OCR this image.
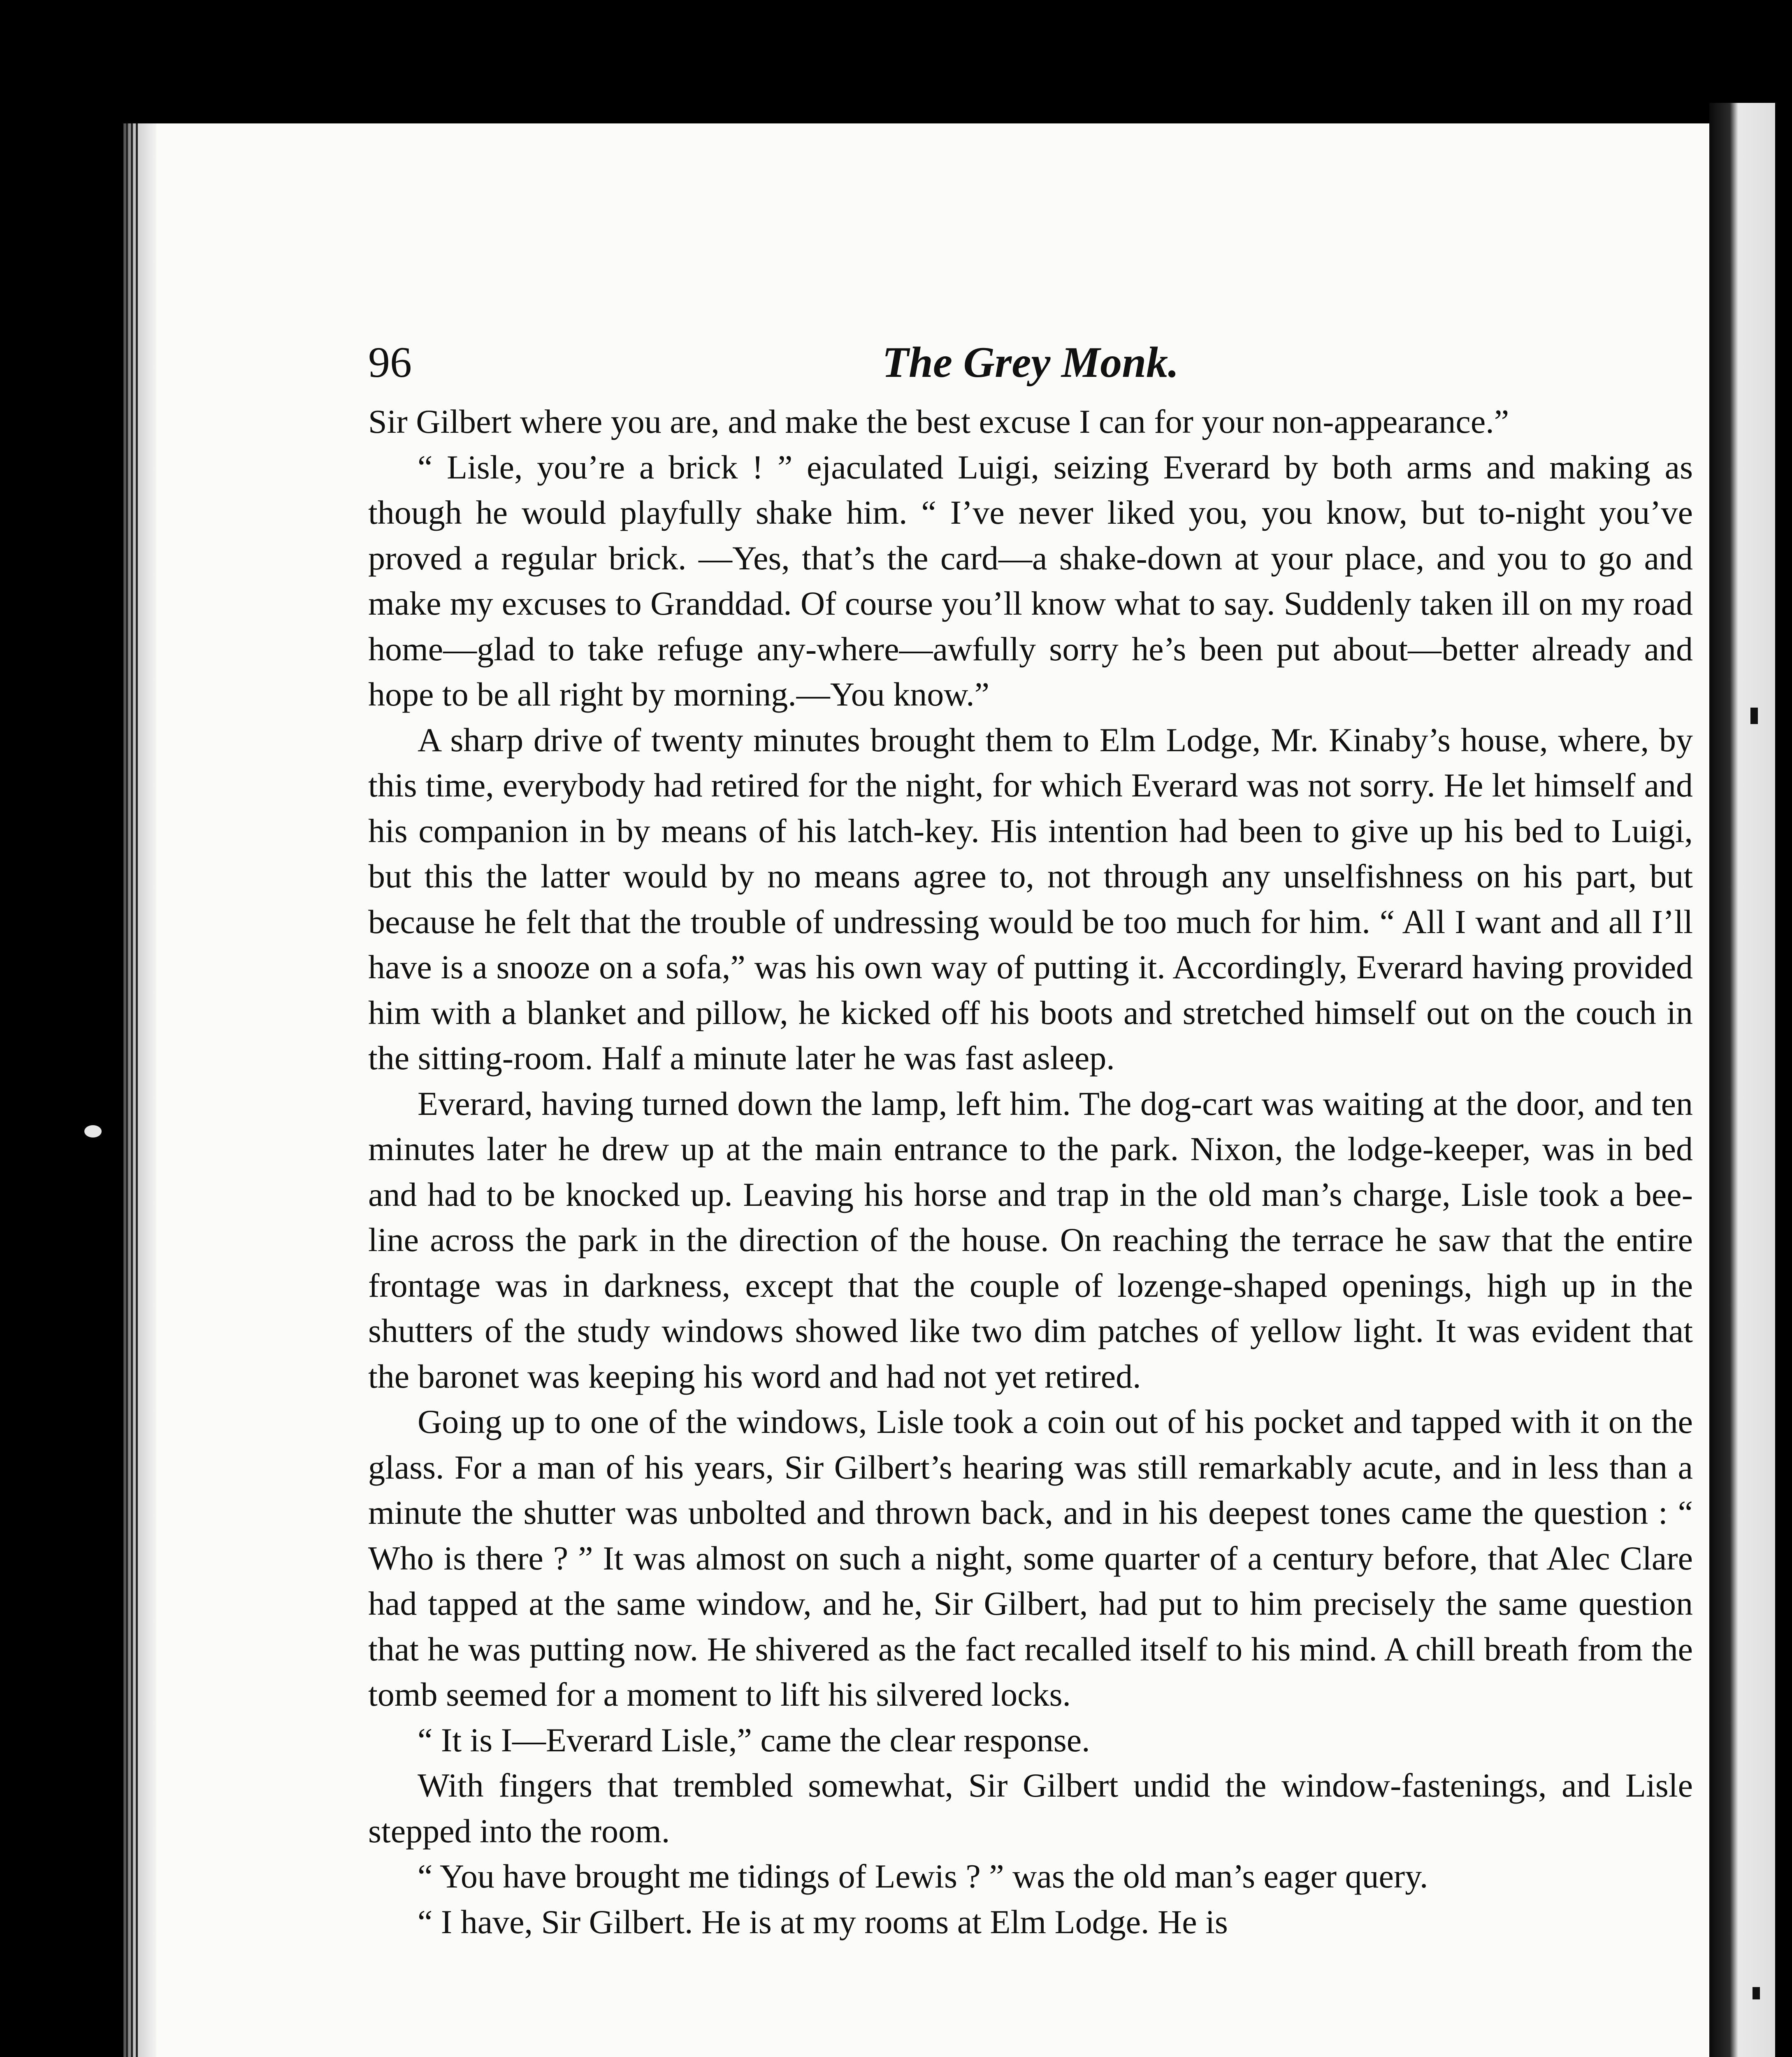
96	The Grey Monk.

Sir Gilbert where you are, and make the best excuse I can for your non-appearance.”

“ Lisle, you’re a brick ! ” ejaculated Luigi, seizing Everard by both arms and making as though he would playfully shake him. “ I’ve never liked you, you know, but to-night you’ve proved a regular brick. —Yes, that’s the card—a shake-down at your place, and you to go and make my excuses to Granddad. Of course you’ll know what to say. Suddenly taken ill on my road home—glad to take refuge any-where—awfully sorry he’s been put about—better already and hope to be all right by morning.—You know.”

A sharp drive of twenty minutes brought them to Elm Lodge, Mr. Kinaby’s house, where, by this time, everybody had retired for the night, for which Everard was not sorry. He let himself and his companion in by means of his latch-key. His intention had been to give up his bed to Luigi, but this the latter would by no means agree to, not through any unselfishness on his part, but because he felt that the trouble of undressing would be too much for him. “ All I want and all I’ll have is a snooze on a sofa,” was his own way of putting it. Accordingly, Everard having provided him with a blanket and pillow, he kicked off his boots and stretched himself out on the couch in the sitting-room. Half a minute later he was fast asleep.

Everard, having turned down the lamp, left him. The dog-cart was waiting at the door, and ten minutes later he drew up at the main entrance to the park. Nixon, the lodge-keeper, was in bed and had to be knocked up. Leaving his horse and trap in the old man’s charge, Lisle took a bee-line across the park in the direction of the house. On reaching the terrace he saw that the entire frontage was in darkness, except that the couple of lozenge-shaped openings, high up in the shutters of the study windows showed like two dim patches of yellow light. It was evident that the baronet was keeping his word and had not yet retired.

Going up to one of the windows, Lisle took a coin out of his pocket and tapped with it on the glass. For a man of his years, Sir Gilbert’s hearing was still remarkably acute, and in less than a minute the shutter was unbolted and thrown back, and in his deepest tones came the question : “ Who is there ? ” It was almost on such a night, some quarter of a century before, that Alec Clare had tapped at the same window, and he, Sir Gilbert, had put to him precisely the same question that he was putting now. He shivered as the fact recalled itself to his mind. A chill breath from the tomb seemed for a moment to lift his silvered locks.

“ It is I—Everard Lisle,” came the clear response.

With fingers that trembled somewhat, Sir Gilbert undid the window-fastenings, and Lisle stepped into the room.

“ You have brought me tidings of Lewis ? ” was the old man’s eager query.

“ I have, Sir Gilbert. He is at my rooms at Elm Lodge. He is
